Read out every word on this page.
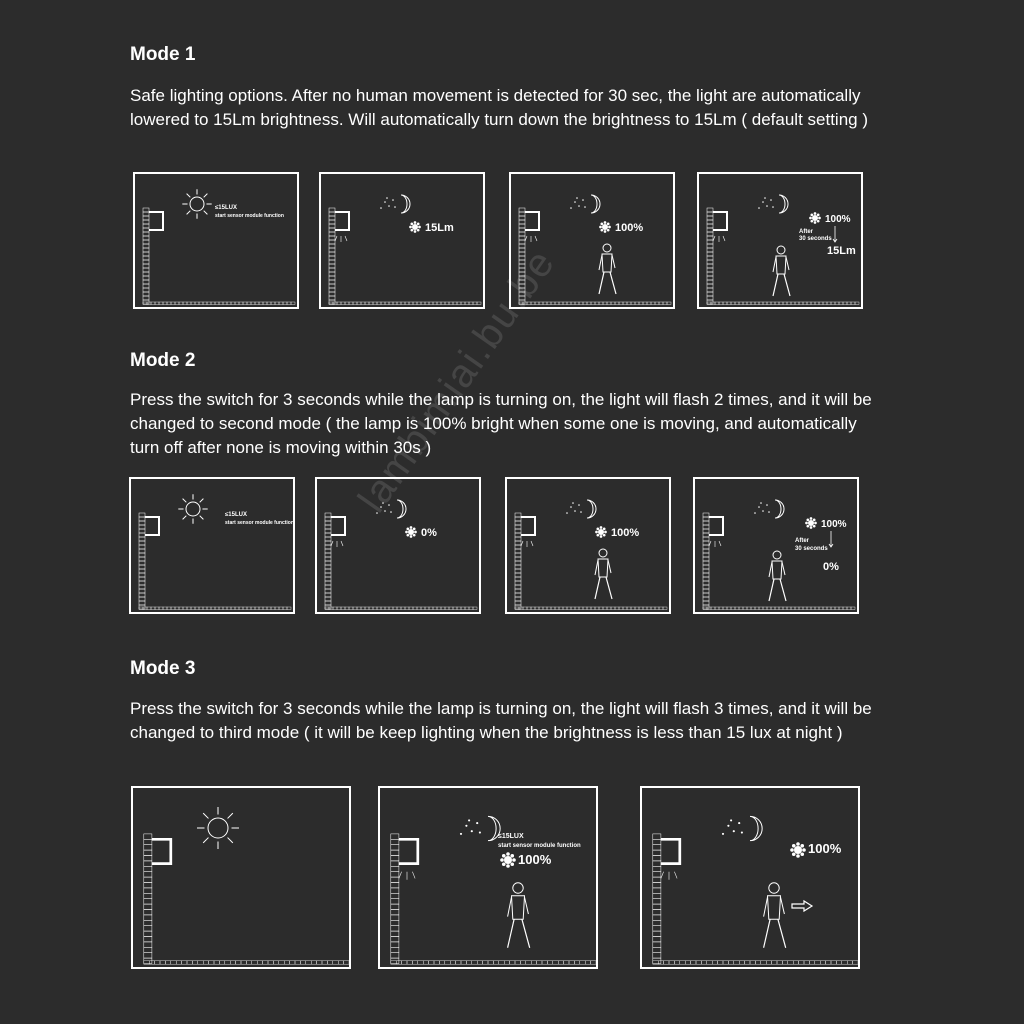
Mode 1

Safe lighting options. After no human movement is detected for 30 sec, the light are automatically lowered to 15Lm brightness. Will automatically turn down the brightness to 15Lm ( default setting )

≤15LUX
start sensor module function
15Lm	100%
100%
After
30 seconds
15Lm
Mode 2

Press the switch for 3 seconds while the lamp is turning on, the light will flash 2 times, and it will be changed to second mode ( the lamp is 100% bright when some one is moving, and automatically turn off after none is moving within 30s )

≤15LUX
start sensor module function
0%	100%
100%
After
30 seconds
0%
Mode 3

Press the switch for 3 seconds while the lamp is turning on, the light will flash 3 times, and it will be changed to third mode ( it will be keep lighting when the brightness is less than 15 lux at night )

≤15LUX
start sensor module function
100%
100%
lambimiai.bu.be
